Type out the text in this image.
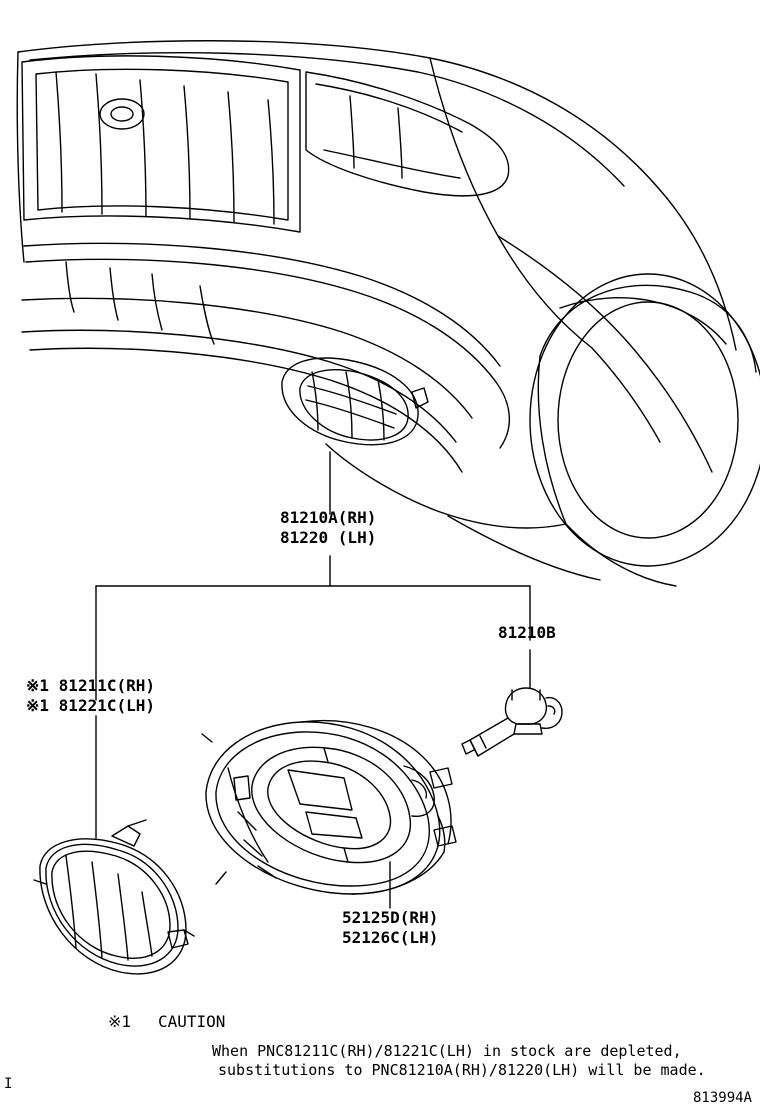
81210A(RH)
81220 (LH)
81210B
※1 81211C(RH)
※1 81221C(LH)
52125D(RH)
52126C(LH)
※1 CAUTION
When PNC81211C(RH)/81221C(LH) in stock are depleted,
substitutions to PNC81210A(RH)/81220(LH) will be made.
I
813994A
